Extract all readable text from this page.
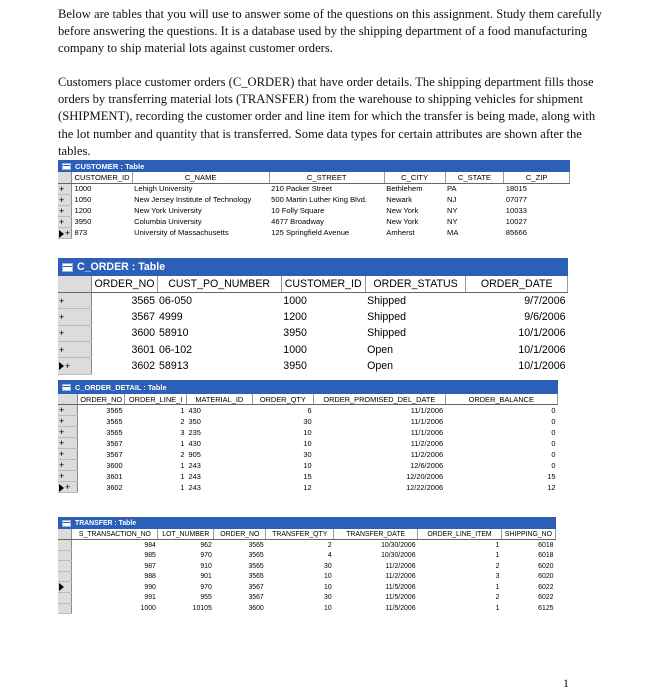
Below are tables that you will use to answer some of the questions on this assignment. Study them carefully before answering the questions. It is a database used by the shipping department of a food manufacturing company to ship material lots against customer orders.

Customers place customer orders (C_ORDER) that have order details. The shipping department fills those orders by transferring material lots (TRANSFER) from the warehouse to shipping vehicles for shipment (SHIPMENT), recording the customer order and line item for which the transfer is being made, along with the lot number and quantity that is transferred. Some data types for certain attributes are shown after the tables.

CUSTOMER : Table
	CUSTOMER_ID	C_NAME	C_STREET	C_CITY	C_STATE	C_ZIP
+	1000	Lehigh University	210 Packer Street	Bethlehem	PA	18015
+	1050	New Jersey Institute of Technology	500 Martin Luther King Blvd.	Newark	NJ	07077
+	1200	New York University	10 Folly Square	New York	NY	10033
+	3950	Columbia University	4677 Broadway	New York	NY	10027
+	873	University of Massachusetts	125 Springfield Avenue	Amherst	MA	85666
C_ORDER : Table
	ORDER_NO	CUST_PO_NUMBER	CUSTOMER_ID	ORDER_STATUS	ORDER_DATE
+	3565	06-050	1000	Shipped	9/7/2006
+	3567	4999	1200	Shipped	9/6/2006
+	3600	58910	3950	Shipped	10/1/2006
+	3601	06-102	1000	Open	10/1/2006
+	3602	58913	3950	Open	10/1/2006
C_ORDER_DETAIL : Table
	ORDER_NO	ORDER_LINE_I	MATERIAL_ID	ORDER_QTY	ORDER_PROMISED_DEL_DATE	ORDER_BALANCE
+	3565	1	430	6	11/1/2006	0
+	3565	2	350	30	11/1/2006	0
+	3565	3	235	10	11/1/2006	0
+	3567	1	430	10	11/2/2006	0
+	3567	2	905	30	11/2/2006	0
+	3600	1	243	10	12/6/2006	0
+	3601	1	243	15	12/20/2006	15
+	3602	1	243	12	12/22/2006	12
TRANSFER : Table
	S_TRANSACTION_NO	LOT_NUMBER	ORDER_NO	TRANSFER_QTY	TRANSFER_DATE	ORDER_LINE_ITEM	SHIPPING_NO
	984	962	3565	2	10/30/2006	1	6018
	985	970	3565	4	10/30/2006	1	6018
	987	910	3565	30	11/2/2006	2	6020
	988	901	3565	10	11/2/2006	3	6020
	990	970	3567	10	11/5/2006	1	6022
	991	955	3567	30	11/5/2006	2	6022
	1000	10105	3600	10	11/5/2006	1	6125
1
